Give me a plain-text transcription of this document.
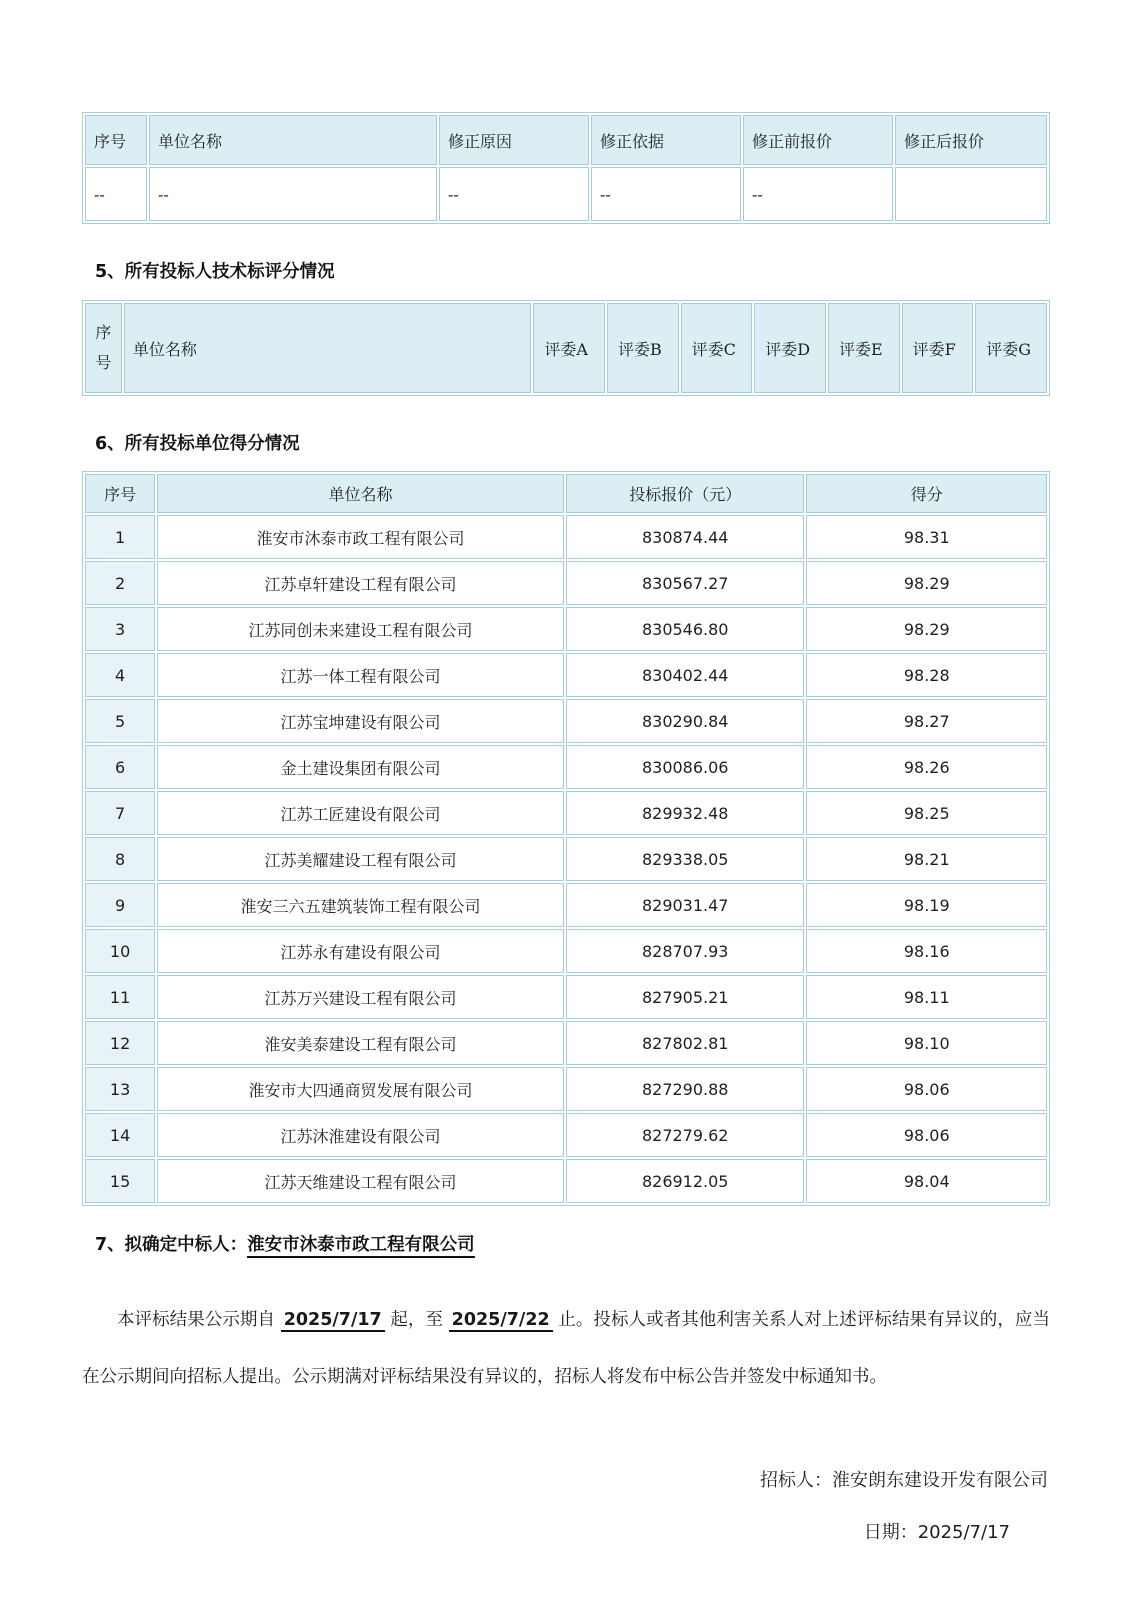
序号	单位名称	修正原因	修正依据	修正前报价	修正后报价
--	--	--	--	--	
5、所有投标人技术标评分情况
序号	单位名称	评委A	评委B	评委C	评委D	评委E	评委F	评委G
6、所有投标单位得分情况
序号	单位名称	投标报价（元）	得分
1	淮安市沐泰市政工程有限公司	830874.44	98.31
2	江苏卓轩建设工程有限公司	830567.27	98.29
3	江苏同创未来建设工程有限公司	830546.80	98.29
4	江苏一体工程有限公司	830402.44	98.28
5	江苏宝坤建设有限公司	830290.84	98.27
6	金土建设集团有限公司	830086.06	98.26
7	江苏工匠建设有限公司	829932.48	98.25
8	江苏美耀建设工程有限公司	829338.05	98.21
9	淮安三六五建筑装饰工程有限公司	829031.47	98.19
10	江苏永有建设有限公司	828707.93	98.16
11	江苏万兴建设工程有限公司	827905.21	98.11
12	淮安美泰建设工程有限公司	827802.81	98.10
13	淮安市大四通商贸发展有限公司	827290.88	98.06
14	江苏沐淮建设有限公司	827279.62	98.06
15	江苏天维建设工程有限公司	826912.05	98.04
7、拟确定中标人：淮安市沐泰市政工程有限公司
本评标结果公示期自 2025/7/17 起，至 2025/7/22 止。投标人或者其他利害关系人对上述评标结果有异议的，应当在公示期间向招标人提出。公示期满对评标结果没有异议的，招标人将发布中标公告并签发中标通知书。
招标人：淮安朗东建设开发有限公司
日期：2025/7/17
